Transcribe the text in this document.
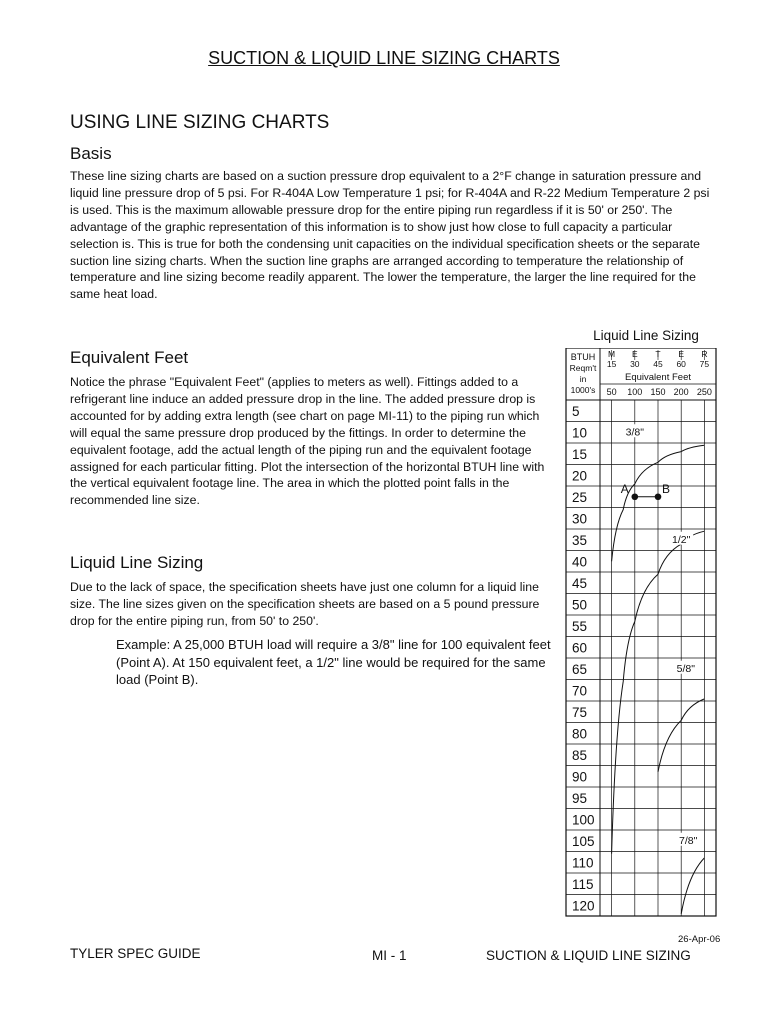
SUCTION & LIQUID LINE SIZING CHARTS
USING LINE SIZING CHARTS
Basis

These line sizing charts are based on a suction pressure drop equivalent to a 2°F change in saturation pressure and liquid line pressure drop of 5 psi. For R-404A Low Temperature 1 psi; for R-404A and R-22 Medium Temperature 2 psi is used. This is the maximum allowable pressure drop for the entire piping run regardless if it is 50' or 250'. The advantage of the graphic representation of this information is to show just how close to full capacity a particular selection is. This is true for both the condensing unit capacities on the individual specification sheets or the separate suction line sizing charts. When the suction line graphs are arranged according to temperature the relationship of temperature and line sizing become readily apparent. The lower the temperature, the larger the line required for the same heat load.

Equivalent Feet

Notice the phrase "Equivalent Feet" (applies to meters as well). Fittings added to a refrigerant line induce an added pressure drop in the line. The added pressure drop is accounted for by adding extra length (see chart on page MI-11) to the piping run which will equal the same pressure drop produced by the fittings. In order to determine the equivalent footage, add the actual length of the piping run and the equivalent footage assigned for each particular fitting. Plot the intersection of the horizontal BTUH line with the vertical equivalent footage line. The area in which the plotted point falls in the recommended line size.

Liquid Line Sizing

Due to the lack of space, the specification sheets have just one column for a liquid line size. The line sizes given on the specification sheets are based on a 5 pound pressure drop for the entire piping run, from 50' to 250'.

Example: A 25,000 BTUH load will require a 3/8" line for 100 equivalent feet (Point A). At 150 equivalent feet, a 1/2" line would be required for the same load (Point B).

Liquid Line Sizing
BTUH
Reqm't
in
1000's
M
15
50
E
30
100
T
45
150
E
60
200
R
75
250
Equivalent Feet
5
10
15
20
25
30
35
40
45
50
55
60
65
70
75
80
85
90
95
100
105
110
115
120
3/8"
1/2"
5/8"
7/8"
A	B
26-Apr-06
TYLER SPEC GUIDE	MI - 1	SUCTION & LIQUID LINE SIZING
